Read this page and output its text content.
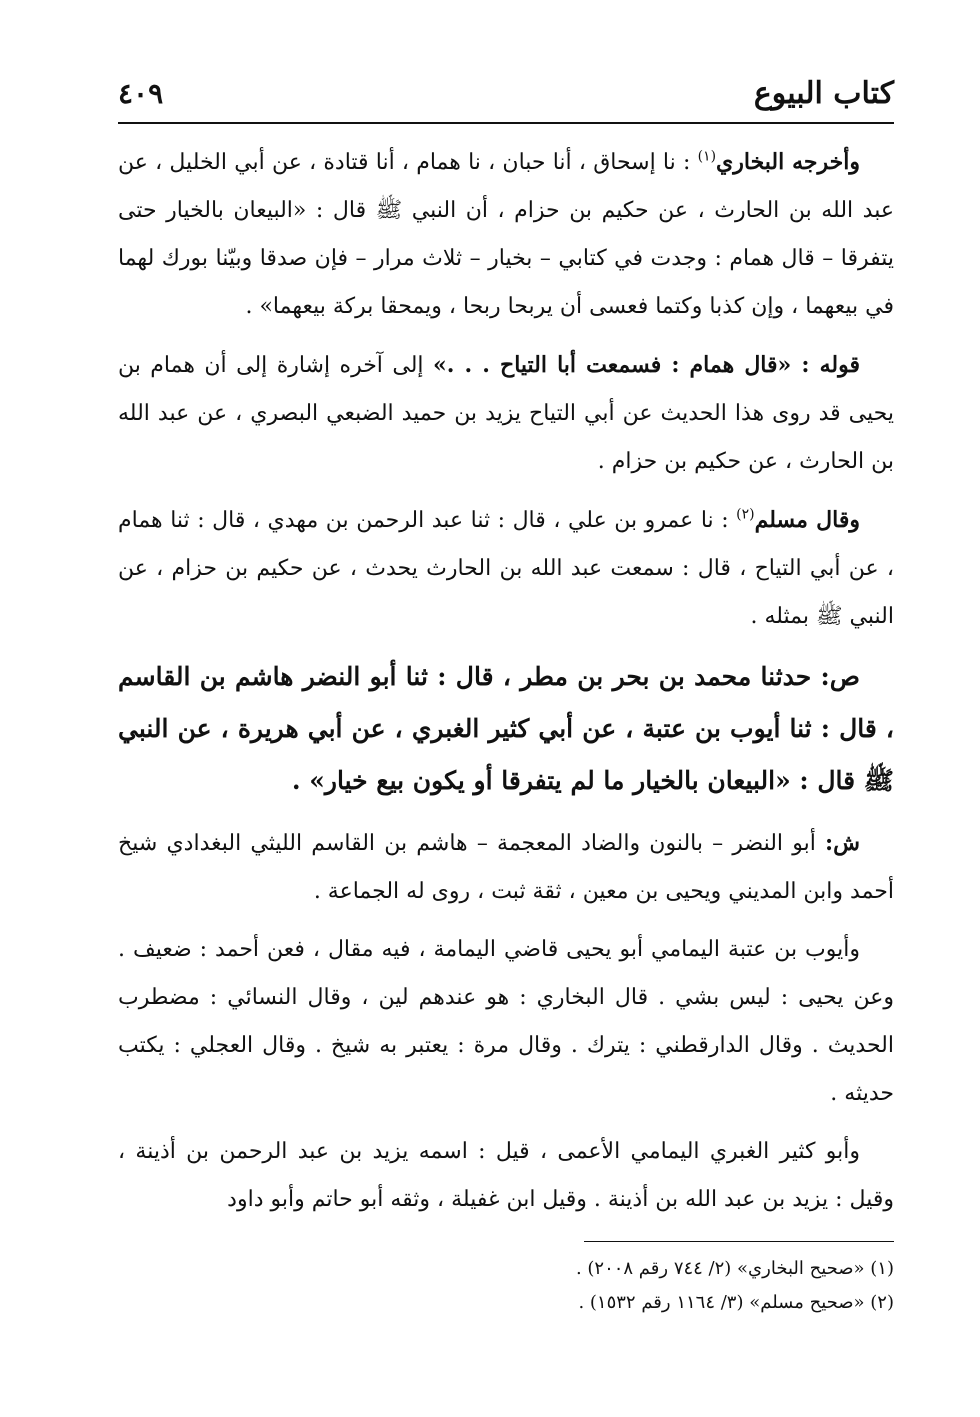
كتاب البيوع
٤٠٩

وأخرجه البخاري$^{(١)}$ : نا إسحاق ، أنا حبان ، نا همام ، أنا قتادة ، عن أبي الخليل ، عن عبد الله بن الحارث ، عن حكيم بن حزام ، أن النبي ﷺ قال : «البيعان بالخيار حتى يتفرقا – قال همام : وجدت في كتابي – بخيار – ثلاث مرار – فإن صدقا وبيّنا بورك لهما في بيعهما ، وإن كذبا وكتما فعسى أن يربحا ربحا ، ويمحقا بركة بيعهما» .

قوله : «قال همام : فسمعت أبا التياح . . .» إلى آخره إشارة إلى أن همام بن يحيى قد روى هذا الحديث عن أبي التياح يزيد بن حميد الضبعي البصري ، عن عبد الله بن الحارث ، عن حكيم بن حزام .

وقال مسلم$^{(٢)}$ : نا عمرو بن علي ، قال : ثنا عبد الرحمن بن مهدي ، قال : ثنا همام ، عن أبي التياح ، قال : سمعت عبد الله بن الحارث يحدث ، عن حكيم بن حزام ، عن النبي ﷺ بمثله .

ص: حدثنا محمد بن بحر بن مطر ، قال : ثنا أبو النضر هاشم بن القاسم ، قال : ثنا أيوب بن عتبة ، عن أبي كثير الغبري ، عن أبي هريرة ، عن النبي ﷺ قال : «البيعان بالخيار ما لم يتفرقا أو يكون بيع خيار» .

ش: أبو النضر – بالنون والضاد المعجمة – هاشم بن القاسم الليثي البغدادي شيخ أحمد وابن المديني ويحيى بن معين ، ثقة ثبت ، روى له الجماعة .

وأيوب بن عتبة اليمامي أبو يحيى قاضي اليمامة ، فيه مقال ، فعن أحمد : ضعيف . وعن يحيى : ليس بشي . قال البخاري : هو عندهم لين ، وقال النسائي : مضطرب الحديث . وقال الدارقطني : يترك . وقال مرة : يعتبر به شيخ . وقال العجلي : يكتب حديثه .

وأبو كثير الغبري اليمامي الأعمى ، قيل : اسمه يزيد بن عبد الرحمن بن أذينة ، وقيل : يزيد بن عبد الله بن أذينة . وقيل ابن غفيلة ، وثقه أبو حاتم وأبو داود

(١) «صحيح البخاري» (٢/ ٧٤٤ رقم ٢٠٠٨) .

(٢) «صحيح مسلم» (٣/ ١١٦٤ رقم ١٥٣٢) .
